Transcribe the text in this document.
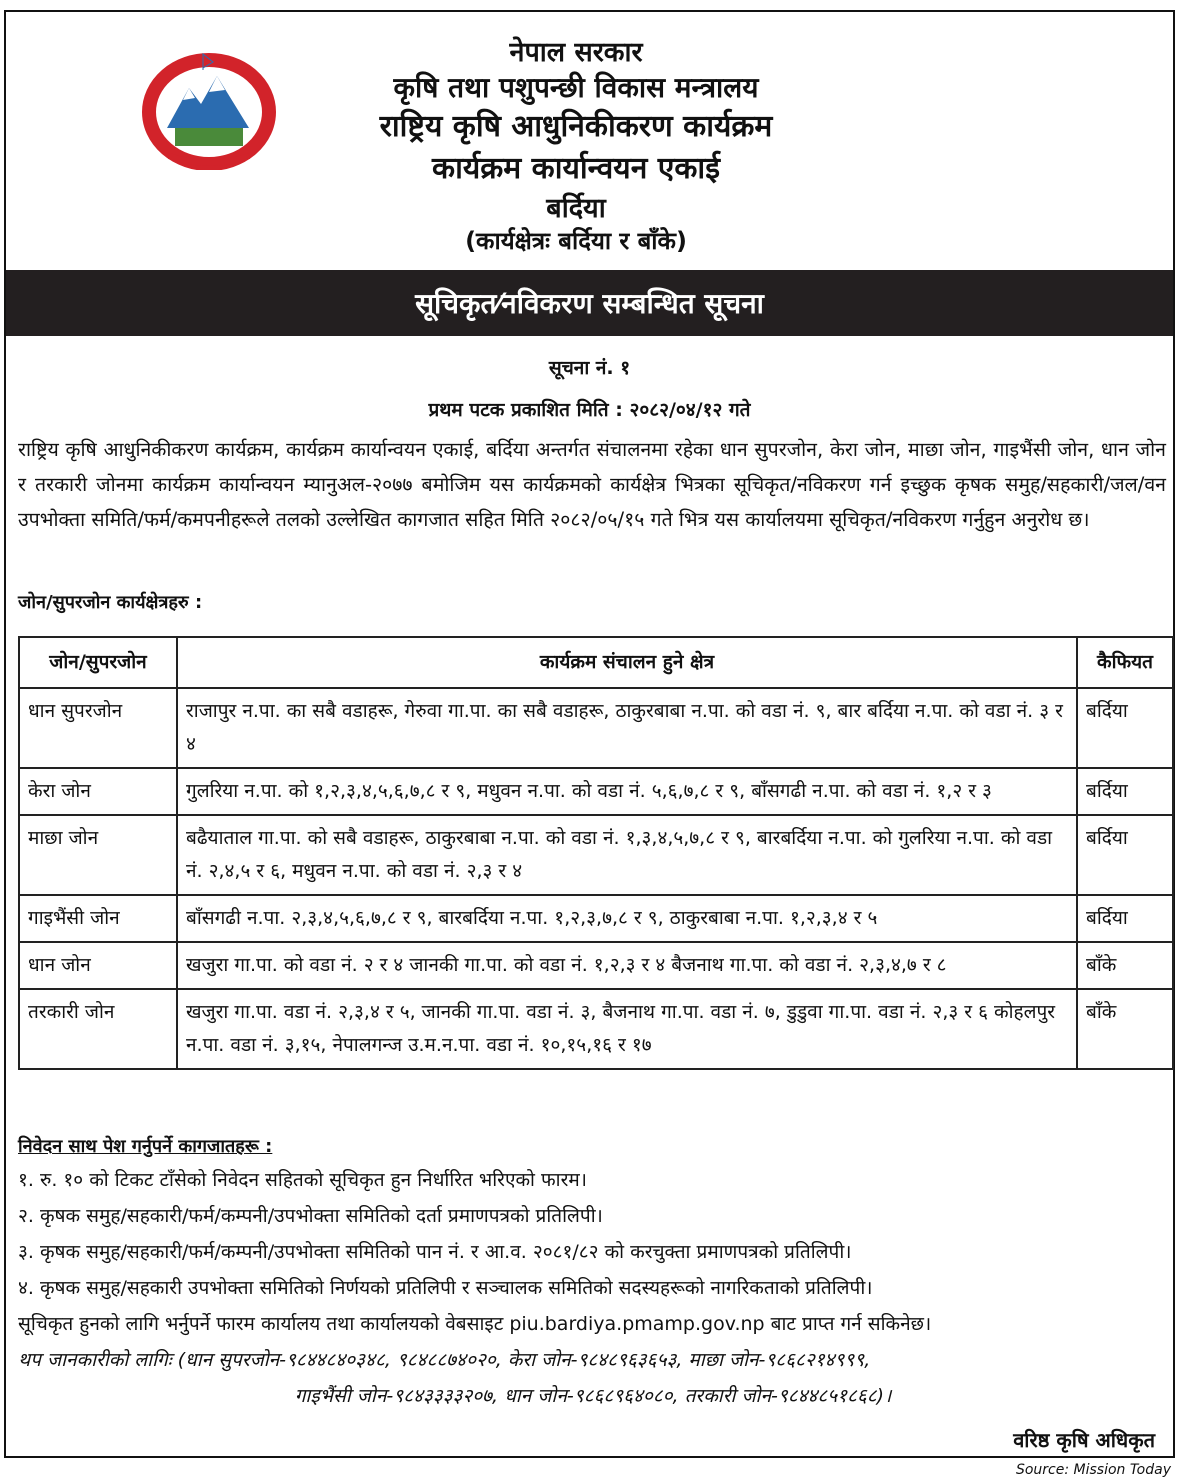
नेपाल सरकार
कृषि तथा पशुपन्छी विकास मन्त्रालय
राष्ट्रिय कृषि आधुनिकीकरण कार्यक्रम
कार्यक्रम कार्यान्वयन एकाई
बर्दिया
(कार्यक्षेत्रः बर्दिया र बाँके)
सूचिकृत⁄नविकरण सम्बन्धित सूचना
सूचना नं. १
प्रथम पटक प्रकाशित मिति : २०८२/०४/१२ गते

राष्ट्रिय कृषि आधुनिकीकरण कार्यक्रम, कार्यक्रम कार्यान्वयन एकाई, बर्दिया अन्तर्गत संचालनमा रहेका धान सुपरजोन, केरा जोन, माछा जोन, गाइभैंसी जोन, धान जोन र तरकारी जोनमा कार्यक्रम कार्यान्वयन म्यानुअल-२०७७ बमोजिम यस कार्यक्रमको कार्यक्षेत्र भित्रका सूचिकृत/नविकरण गर्न इच्छुक कृषक समुह/सहकारी/जल/वन उपभोक्ता समिति/फर्म/कमपनीहरूले तलको उल्लेखित कागजात सहित मिति २०८२/०५/१५ गते भित्र यस कार्यालयमा सूचिकृत/नविकरण गर्नुहुन अनुरोध छ।

जोन/सुपरजोन कार्यक्षेत्रहरु :
जोन/सुपरजोन	कार्यक्रम संचालन हुने क्षेत्र	कैफियत
धान सुपरजोन	राजापुर न.पा. का सबै वडाहरू, गेरुवा गा.पा. का सबै वडाहरू, ठाकुरबाबा न.पा. को वडा नं. ९, बार बर्दिया न.पा. को वडा नं. ३ र ४	बर्दिया
केरा जोन	गुलरिया न.पा. को १,२,३,४,५,६,७,८ र ९, मधुवन न.पा. को वडा नं. ५,६,७,८ र ९, बाँसगढी न.पा. को वडा नं. १,२ र ३	बर्दिया
माछा जोन	बढैयाताल गा.पा. को सबै वडाहरू, ठाकुरबाबा न.पा. को वडा नं. १,३,४,५,७,८ र ९, बारबर्दिया न.पा. को गुलरिया न.पा. को वडा नं. २,४,५ र ६, मधुवन न.पा. को वडा नं. २,३ र ४	बर्दिया
गाइभैंसी जोन	बाँसगढी न.पा. २,३,४,५,६,७,८ र ९, बारबर्दिया न.पा. १,२,३,७,८ र ९, ठाकुरबाबा न.पा. १,२,३,४ र ५	बर्दिया
धान जोन	खजुरा गा.पा. को वडा नं. २ र ४ जानकी गा.पा. को वडा नं. १,२,३ र ४ बैजनाथ गा.पा. को वडा नं. २,३,४,७ र ८	बाँके
तरकारी जोन	खजुरा गा.पा. वडा नं. २,३,४ र ५, जानकी गा.पा. वडा नं. ३, बैजनाथ गा.पा. वडा नं. ७, डुडुवा गा.पा. वडा नं. २,३ र ६ कोहलपुर न.पा. वडा नं. ३,१५, नेपालगन्ज उ.म.न.पा. वडा नं. १०,१५,१६ र १७	बाँके
निवेदन साथ पेश गर्नुपर्ने कागजातहरू :
१. रु. १० को टिकट टाँसेको निवेदन सहितको सूचिकृत हुन निर्धारित भरिएको फारम।
२. कृषक समुह/सहकारी/फर्म/कम्पनी/उपभोक्ता समितिको दर्ता प्रमाणपत्रको प्रतिलिपी।
३. कृषक समुह/सहकारी/फर्म/कम्पनी/उपभोक्ता समितिको पान नं. र आ.व. २०८१/८२ को करचुक्ता प्रमाणपत्रको प्रतिलिपी।
४. कृषक समुह/सहकारी उपभोक्ता समितिको निर्णयको प्रतिलिपी र सञ्चालक समितिको सदस्यहरूको नागरिकताको प्रतिलिपी।
सूचिकृत हुनको लागि भर्नुपर्ने फारम कार्यालय तथा कार्यालयको वेबसाइट piu.bardiya.pmamp.gov.np बाट प्राप्त गर्न सकिनेछ।
थप जानकारीको लागिः (धान सुपरजोन-९८४४८४०३४८, ९८४८८७४०२०, केरा जोन-९८४८९६३६५३, माछा जोन-९८६८२१४९९९,
गाइभैंसी जोन-९८४३३३३२०७, धान जोन-९८६८९६४०८०, तरकारी जोन-९८४४८५१८६८)।
वरिष्ठ कृषि अधिकृत
Source: Mission Today
